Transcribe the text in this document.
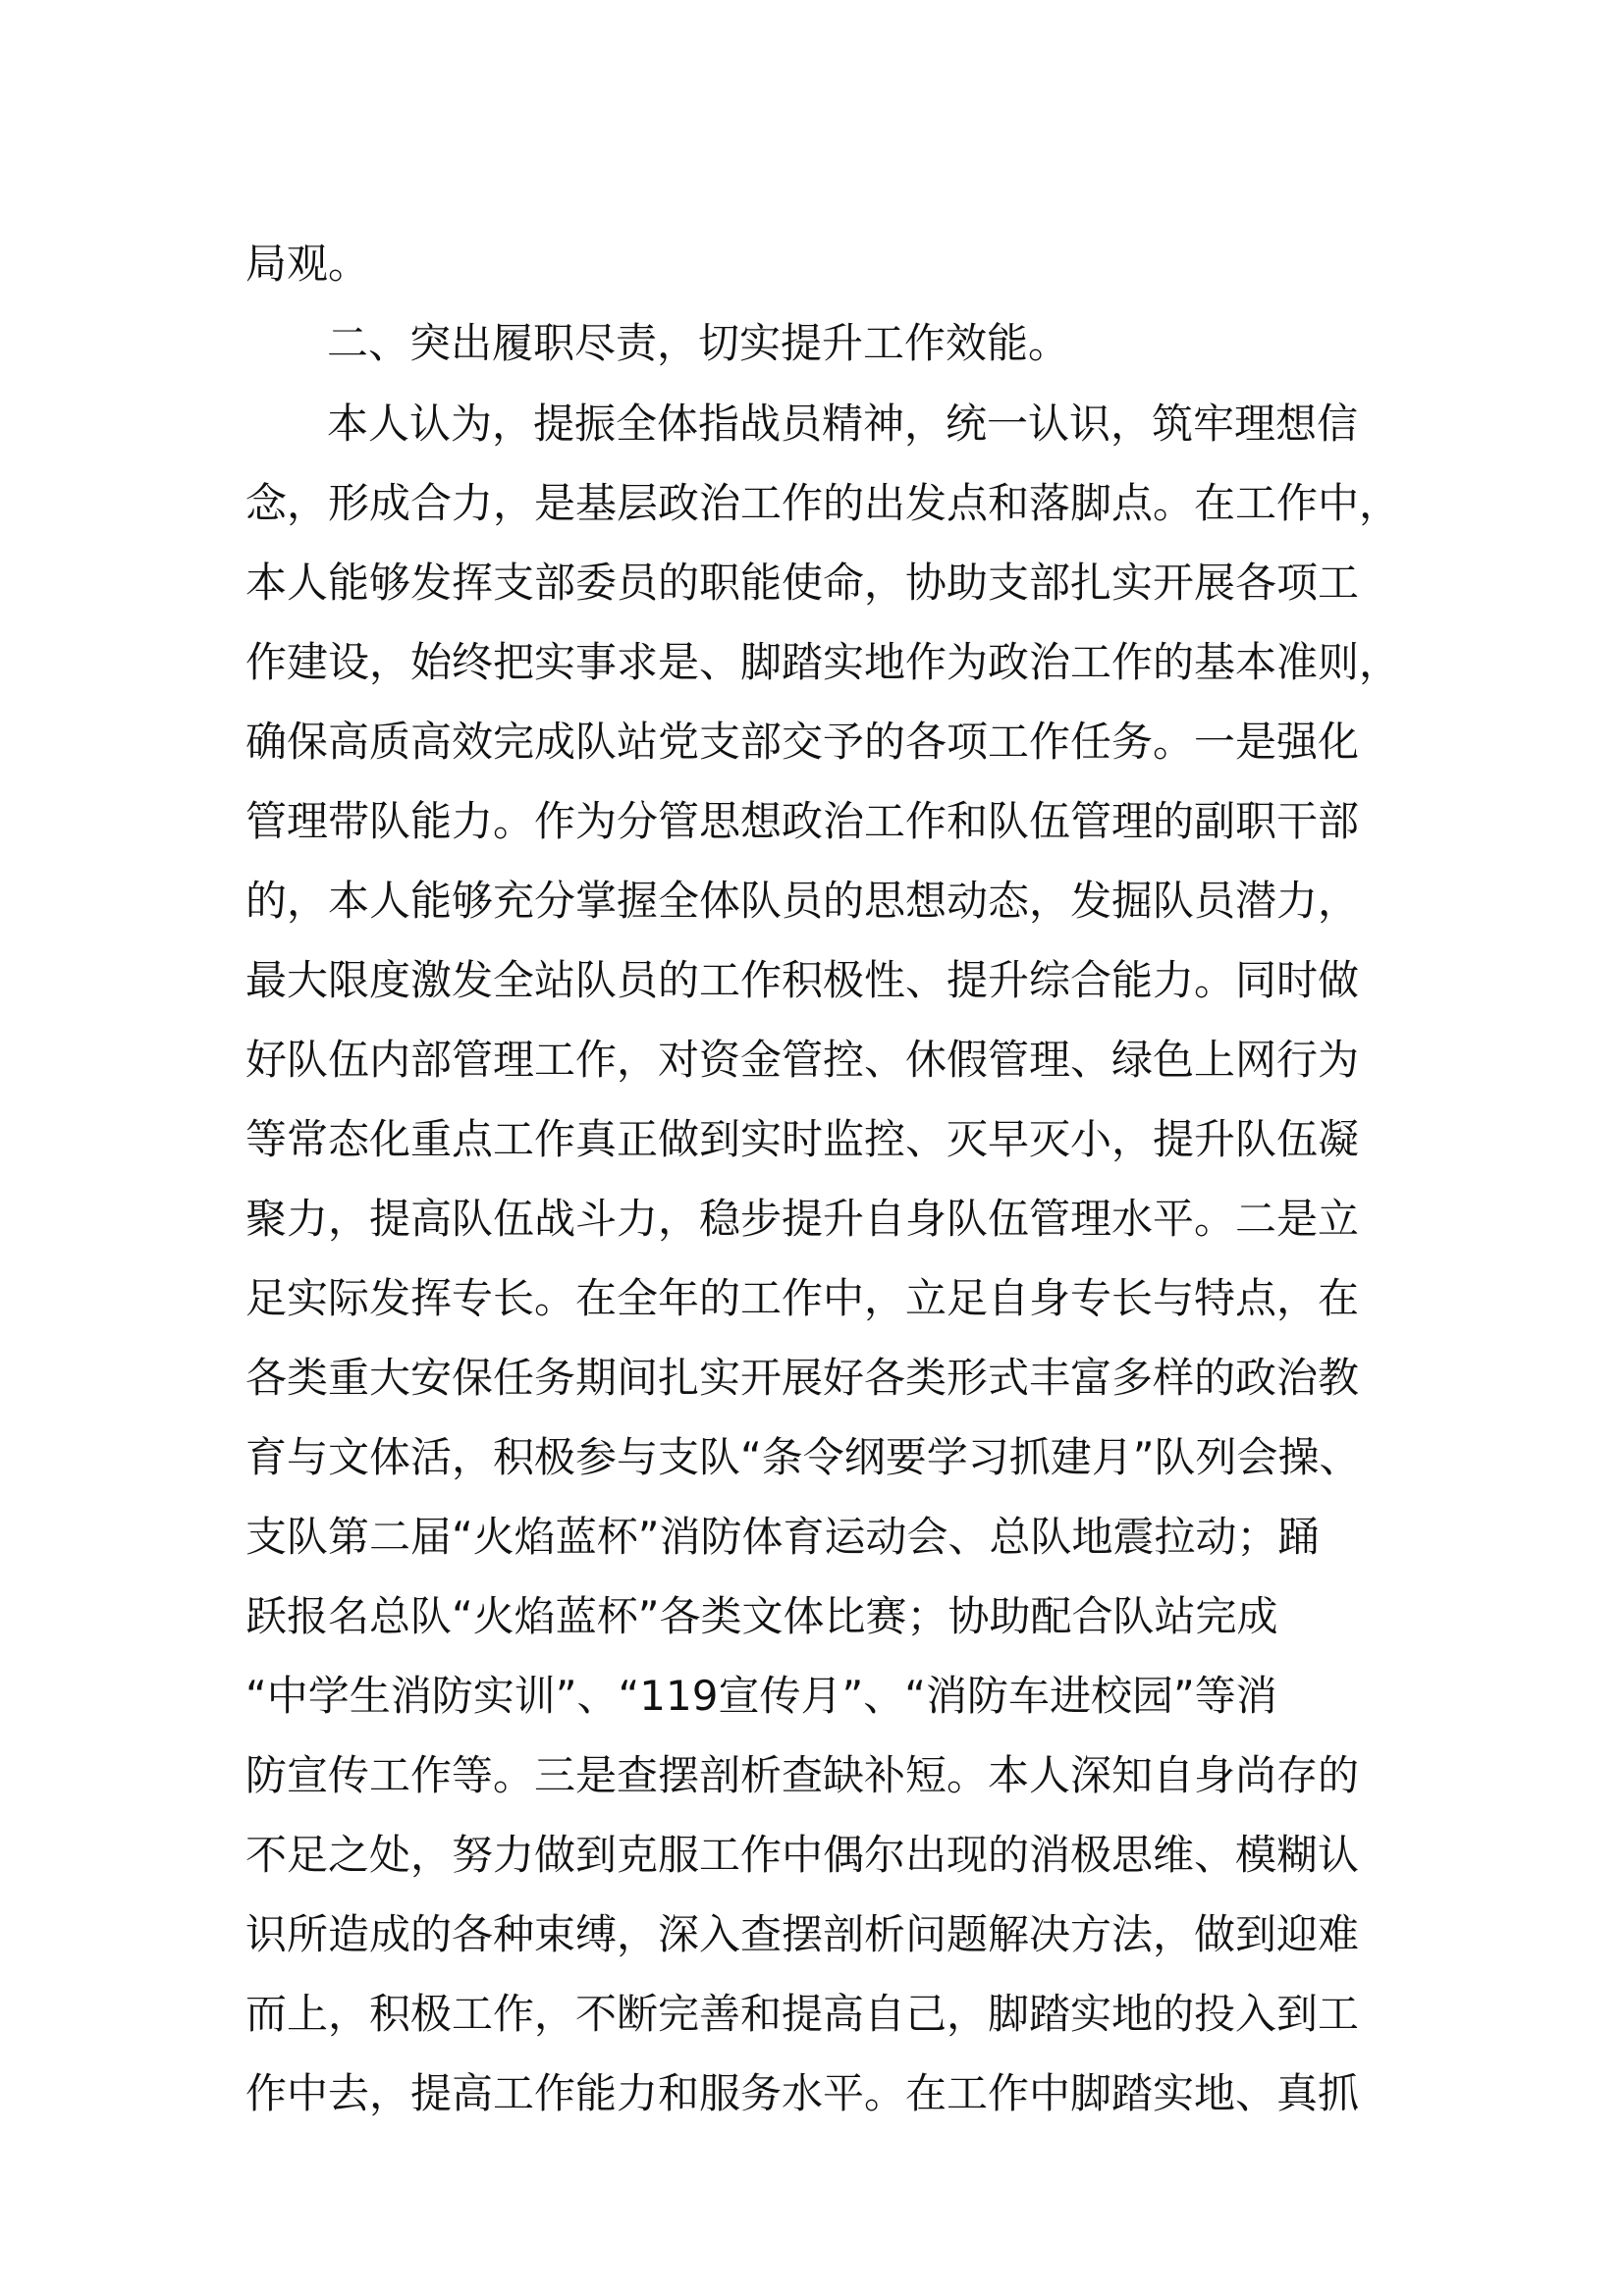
局观。

二、突出履职尽责，切实提升工作效能。

本人认为，提振全体指战员精神，统一认识，筑牢理想信

念，形成合力，是基层政治工作的出发点和落脚点。在工作中，

本人能够发挥支部委员的职能使命，协助支部扎实开展各项工

作建设，始终把实事求是、脚踏实地作为政治工作的基本准则，

确保高质高效完成队站党支部交予的各项工作任务。一是强化

管理带队能力。作为分管思想政治工作和队伍管理的副职干部

的，本人能够充分掌握全体队员的思想动态，发掘队员潜力，

最大限度激发全站队员的工作积极性、提升综合能力。同时做

好队伍内部管理工作，对资金管控、休假管理、绿色上网行为

等常态化重点工作真正做到实时监控、灭早灭小，提升队伍凝

聚力，提高队伍战斗力，稳步提升自身队伍管理水平。二是立

足实际发挥专长。在全年的工作中，立足自身专长与特点，在

各类重大安保任务期间扎实开展好各类形式丰富多样的政治教

育与文体活，积极参与支队“条令纲要学习抓建月”队列会操、

支队第二届“火焰蓝杯”消防体育运动会、总队地震拉动；踊

跃报名总队“火焰蓝杯”各类文体比赛；协助配合队站完成

“中学生消防实训”、“119宣传月”、“消防车进校园”等消

防宣传工作等。三是查摆剖析查缺补短。本人深知自身尚存的

不足之处，努力做到克服工作中偶尔出现的消极思维、模糊认

识所造成的各种束缚，深入查摆剖析问题解决方法，做到迎难

而上，积极工作，不断完善和提高自己，脚踏实地的投入到工

作中去，提高工作能力和服务水平。在工作中脚踏实地、真抓
